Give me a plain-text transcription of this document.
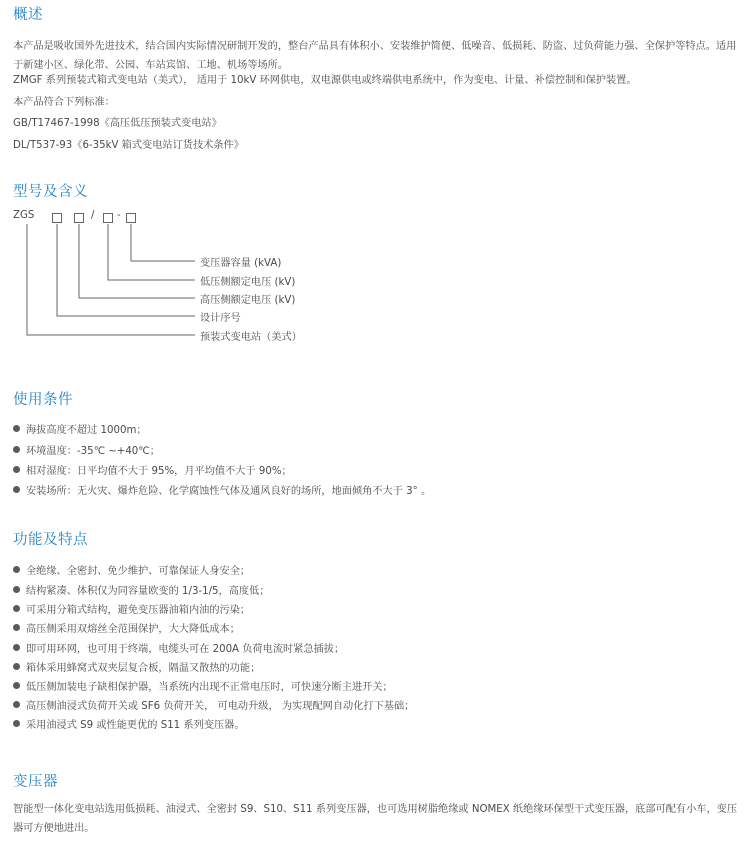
概述

本产品是吸收国外先进技术，结合国内实际情况研制开发的，整台产品具有体积小、安装维护简便、低噪音、低损耗、防盗、过负荷能力强、全保护等特点。适用于新建小区、绿化带、公园、车站宾馆、工地、机场等场所。

ZMGF 系列预装式箱式变电站（美式）， 适用于 10kV 环网供电，双电源供电或终端供电系统中，作为变电、计量、补偿控制和保护装置。

本产品符合下列标准：

GB/T17467-1998《高压低压预装式变电站》

DL/T537-93《6-35kV 箱式变电站订货技术条件》

型号及含义
ZGS	/ -
变压器容量 (kVA)
低压侧额定电压 (kV)
高压侧额定电压 (kV)
设计序号
预装式变电站（美式）
使用条件
海拔高度不超过 1000m；
环境温度：-35℃ ~+40℃；
相对湿度：日平均值不大于 95%，月平均值不大于 90%；
安装场所：无火灾、爆炸危险、化学腐蚀性气体及通风良好的场所，地面倾角不大于 3° 。
功能及特点
全绝缘、全密封、免少维护、可靠保证人身安全；
结构紧凑、体积仅为同容量欧变的 1/3-1/5，高度低；
可采用分箱式结构，避免变压器油箱内油的污染；
高压侧采用双熔丝全范围保护，大大降低成本；
即可用环网，也可用于终端，电缆头可在 200A 负荷电流时紧急插拔；
箱体采用蜂窝式双夹层复合板，隔温又散热的功能；
低压侧加装电子缺相保护器，当系统内出现不正常电压时，可快速分断主进开关；
高压侧油浸式负荷开关或 SF6 负荷开关， 可电动升级， 为实现配网自动化打下基础；
采用油浸式 S9 或性能更优的 S11 系列变压器。
变压器

智能型一体化变电站选用低损耗、油浸式、全密封 S9、S10、S11 系列变压器，也可选用树脂绝缘或 NOMEX 纸绝缘环保型干式变压器，底部可配有小车，变压器可方便地进出。
